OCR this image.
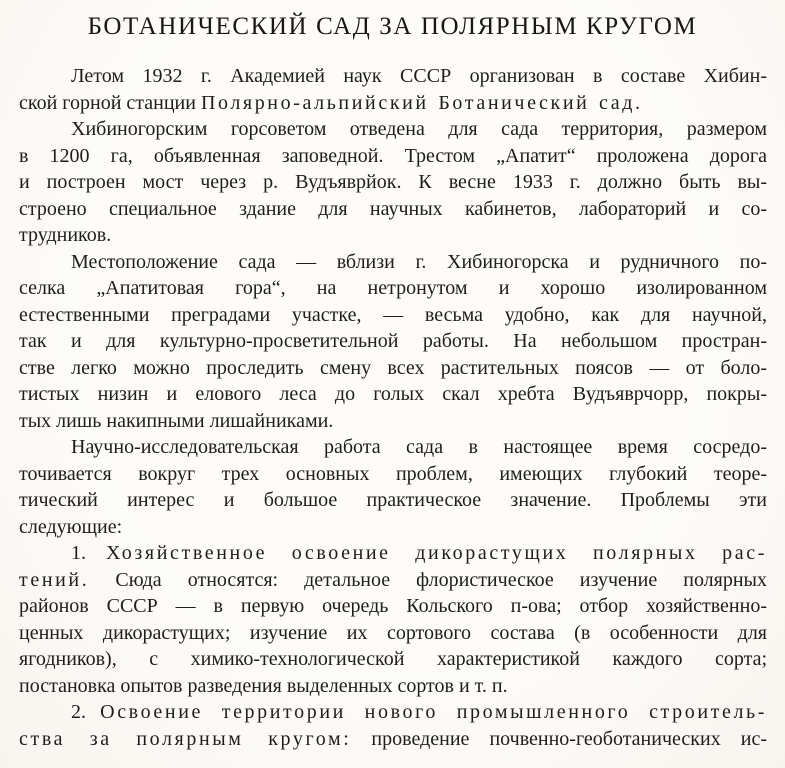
БОТАНИЧЕСКИЙ САД ЗА ПОЛЯРНЫМ КРУГОМ
Летом 1932 г. Академией наук СССР организован в составе Хибин-
ской горной станции Полярно-альпийский Ботанический сад.
Хибиногорским горсоветом отведена для сада территория, размером
в 1200 га, объявленная заповедной. Трестом „Апатит“ проложена дорога
и построен мост через р. Вудъяврйок. К весне 1933 г. должно быть вы-
строено специальное здание для научных кабинетов, лабораторий и со-
трудников.
Местоположение сада — вблизи г. Хибиногорска и рудничного по-
селка „Апатитовая гора“, на нетронутом и хорошо изолированном
естественными преградами участке, — весьма удобно, как для научной,
так и для культурно-просветительной работы. На небольшом простран-
стве легко можно проследить смену всех растительных поясов — от боло-
тистых низин и елового леса до голых скал хребта Вудъяврчорр, покры-
тых лишь накипными лишайниками.
Научно-исследовательская работа сада в настоящее время сосредо-
точивается вокруг трех основных проблем, имеющих глубокий теоре-
тический интерес и большое практическое значение. Проблемы эти
следующие:
1. Хозяйственное освоение дикорастущих полярных рас-
тений. Сюда относятся: детальное флористическое изучение полярных
районов СССР — в первую очередь Кольского п-ова; отбор хозяйственно-
ценных дикорастущих; изучение их сортового состава (в особенности для
ягодников), с химико-технологической характеристикой каждого сорта;
постановка опытов разведения выделенных сортов и т. п.
2. Освоение территории нового промышленного строитель-
ства за полярным кругом: проведение почвенно-геоботанических ис-
